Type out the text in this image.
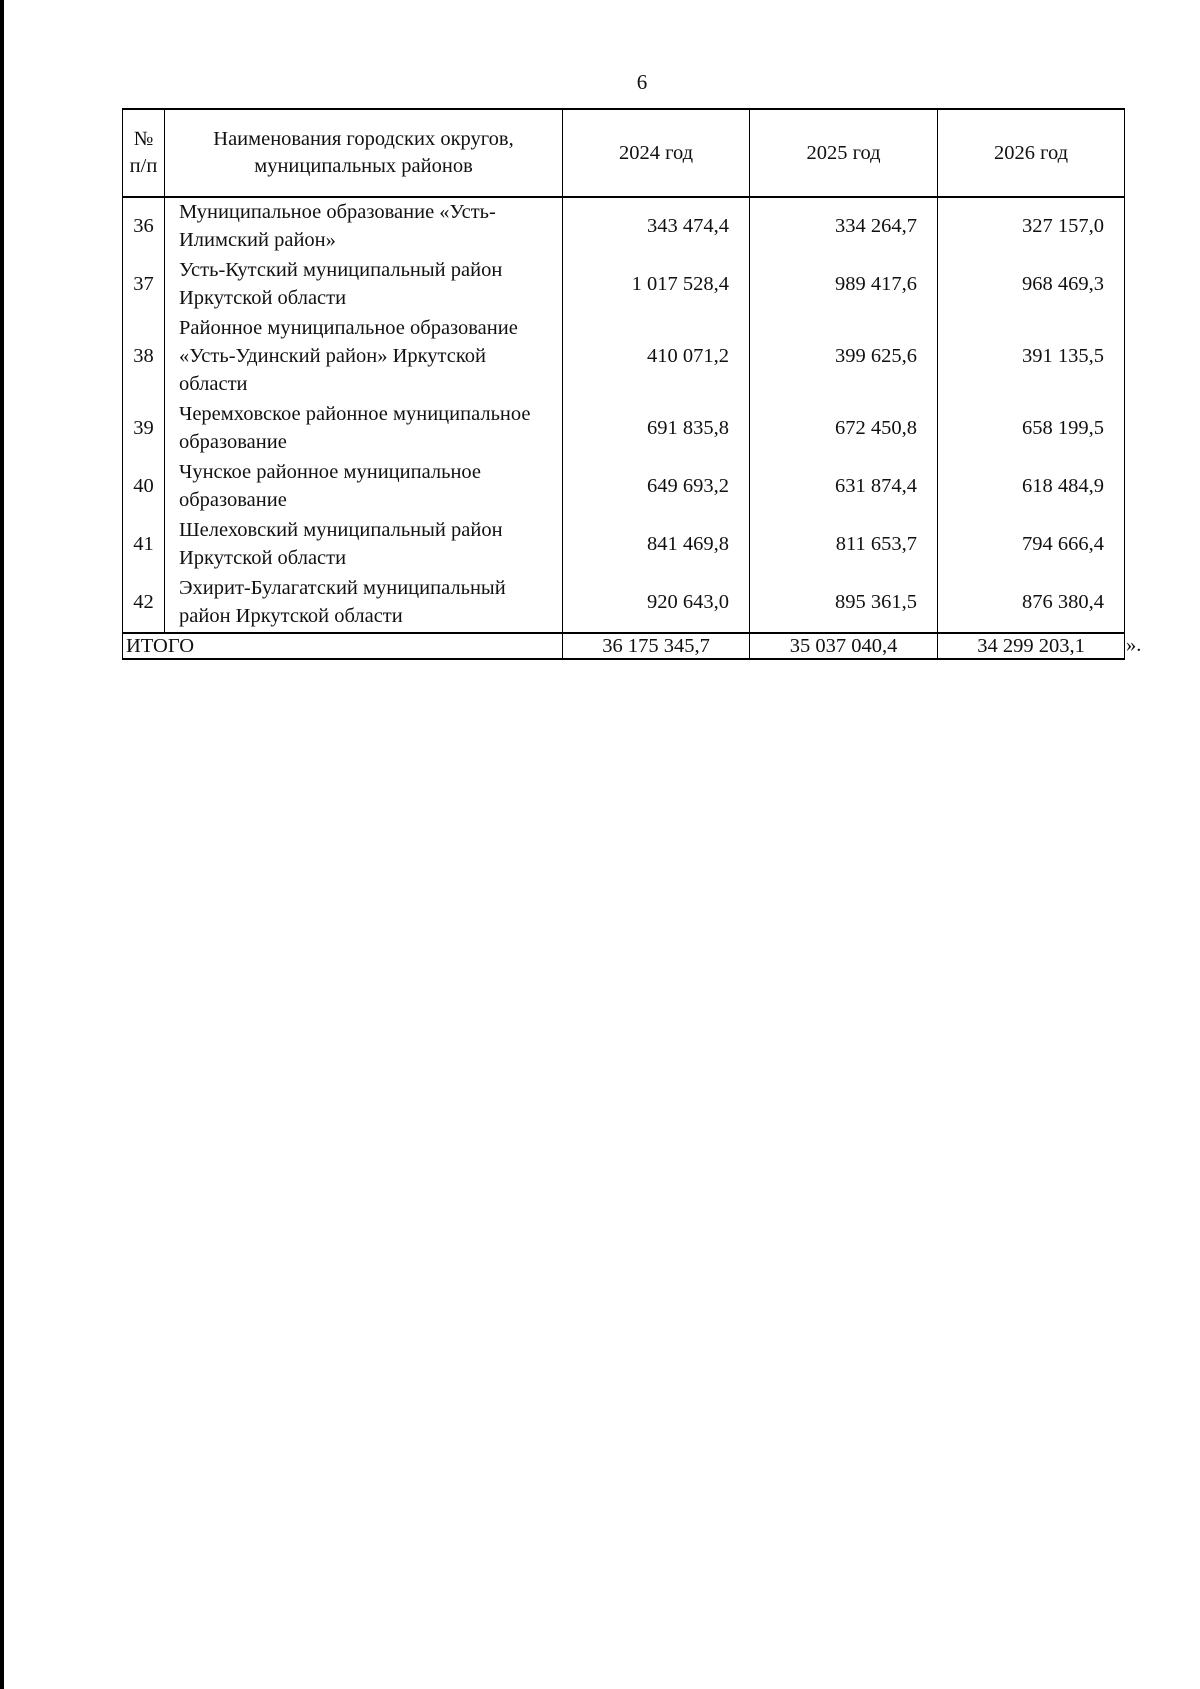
6
№ п/п	Наименования городских округов, муниципальных районов	2024 год	2025 год	2026 год
36	Муниципальное образование «Усть-Илимский район»	343 474,4	334 264,7	327 157,0
37	Усть-Кутский муниципальный район Иркутской области	1 017 528,4	989 417,6	968 469,3
38	Районное муниципальное образование «Усть-Удинский район» Иркутской области	410 071,2	399 625,6	391 135,5
39	Черемховское районное муниципальное образование	691 835,8	672 450,8	658 199,5
40	Чунское районное муниципальное образование	649 693,2	631 874,4	618 484,9
41	Шелеховский муниципальный район Иркутской области	841 469,8	811 653,7	794 666,4
42	Эхирит-Булагатский муниципальный район Иркутской области	920 643,0	895 361,5	876 380,4
ИТОГО		36 175 345,7	35 037 040,4	34 299 203,1 ».
